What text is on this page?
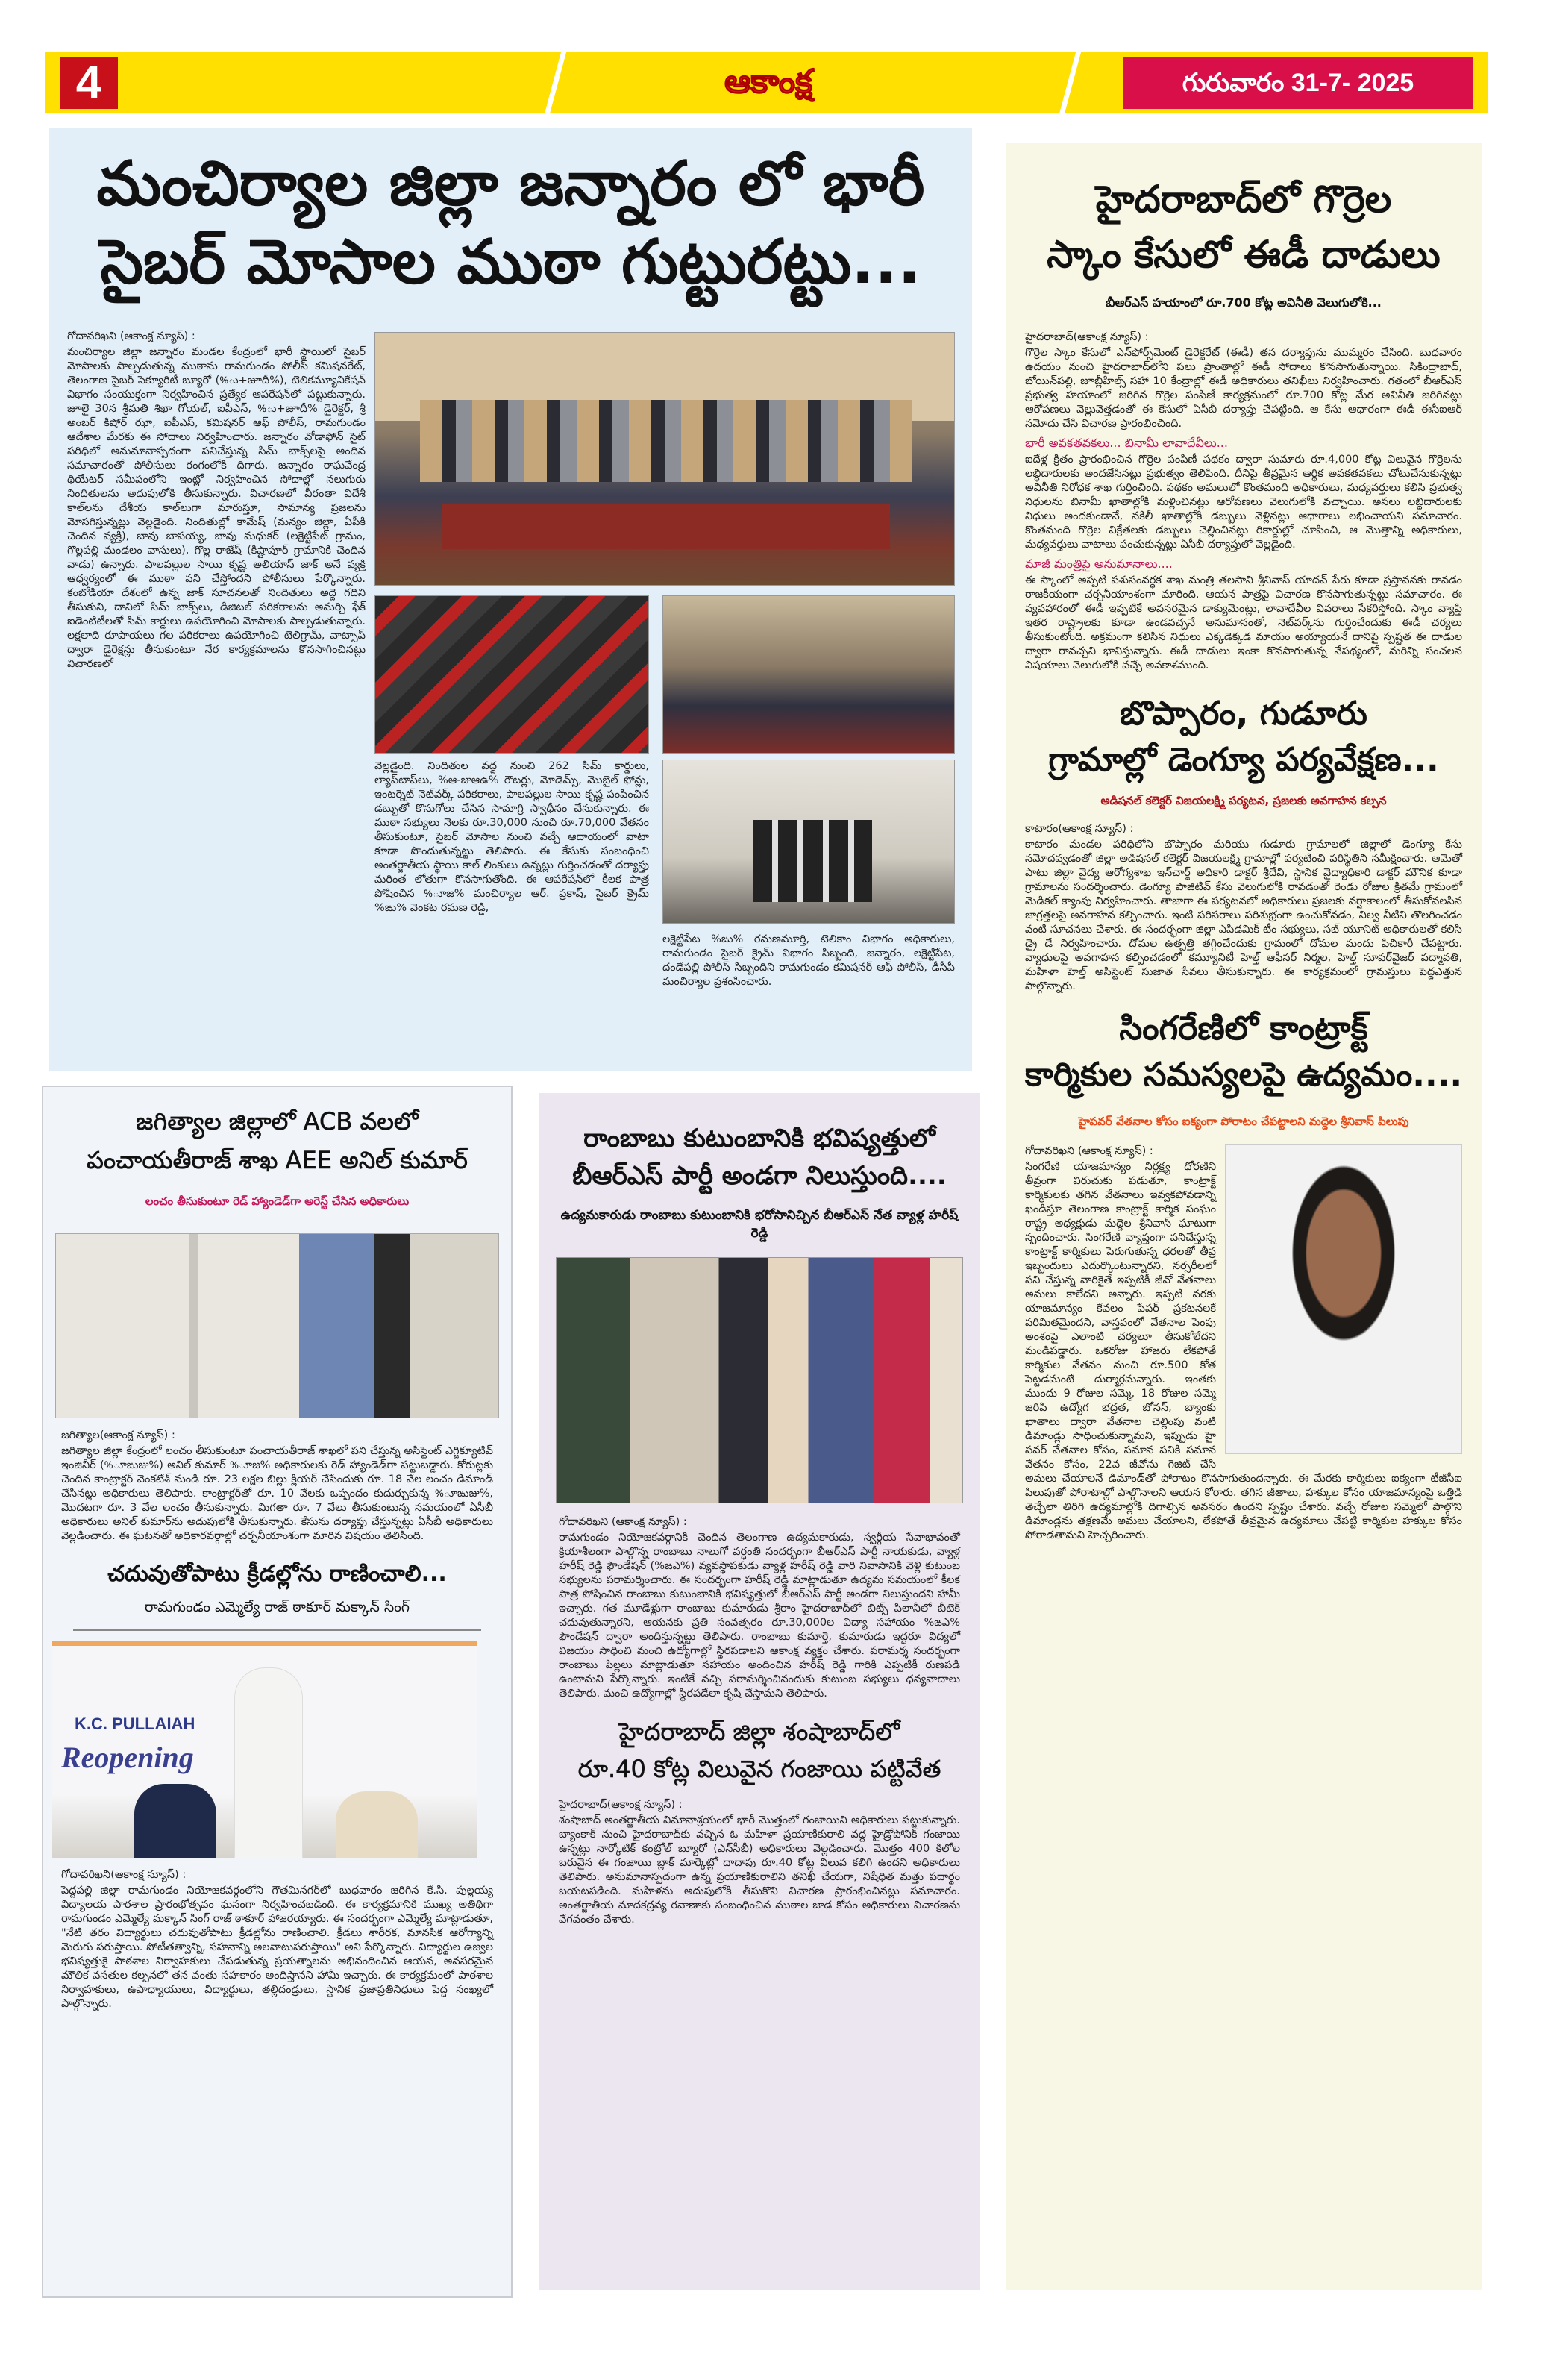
4	ఆకాంక్ష	గురువారం 31-7- 2025
మంచిర్యాల జిల్లా జన్నారం లో భారీ
సైబర్ మోసాల ముఠా గుట్టురట్టు...

గోదావరిఖని (ఆకాంక్ష న్యూస్) :

మంచిర్యాల జిల్లా జన్నారం మండల కేంద్రంలో భారీ స్థాయిలో సైబర్ మోసాలకు పాల్పడుతున్న ముఠాను రామగుండం పోలీస్ కమిషనరేట్, తెలంగాణ సైబర్ సెక్యూరిటీ బ్యూరో (%ు+జూదీ%), టెలికమ్యూనికేషన్ విభాగం సంయుక్తంగా నిర్వహించిన ప్రత్యేక ఆపరేషన్‌లో పట్టుకున్నారు. జూలై 30న శ్రీమతి శిఖా గోయల్, ఐపీఎస్, %ు+జూదీ% డైరెక్టర్, శ్రీ అంబర్ కిషోర్ ఝా, ఐపీఎస్, కమిషనర్ ఆఫ్ పోలీస్, రామగుండం ఆదేశాల మేరకు ఈ సోదాలు నిర్వహించారు. జన్నారం వోడాఫోన్ సైట్ పరిధిలో అనుమానాస్పదంగా పనిచేస్తున్న సిమ్ బాక్స్‌లపై అందిన సమాచారంతో పోలీసులు రంగంలోకి దిగారు. జన్నారం రాఘవేంద్ర థియేటర్ సమీపంలోని ఇంట్లో నిర్వహించిన సోదాల్లో నలుగురు నిందితులను అదుపులోకి తీసుకున్నారు. విచారణలో వీరంతా విదేశీ కాల్‌లను దేశీయ కాల్‌లుగా మారుస్తూ, సామాన్య ప్రజలను మోసగిస్తున్నట్లు వెల్లడైంది. నిందితుల్లో కామేష్ (మన్యం జిల్లా, ఏపీకి చెందిన వ్యక్తి), బావు బాపయ్య, బావు మధుకర్ (లక్షెట్టిపేట్ గ్రామం, గొల్లపల్లి మండలం వాసులు), గొల్ల రాజేష్ (కిష్టాపూర్ గ్రామానికి చెందిన వాడు) ఉన్నారు. పాలపల్లుల సాయి కృష్ణ అలియాస్ జాక్ అనే వ్యక్తి ఆధ్వర్యంలో ఈ ముఠా పని చేస్తోందని పోలీసులు పేర్కొన్నారు. కంబోడియా దేశంలో ఉన్న జాక్ సూచనలతో నిందితులు అద్దె గదిని తీసుకుని, దానిలో సిమ్ బాక్స్‌లు, డిజిటల్ పరికరాలను అమర్చి ఫేక్ ఐడెంటిటీలతో సిమ్ కార్డులు ఉపయోగించి మోసాలకు పాల్పడుతున్నారు. లక్షలాది రూపాయలు గల పరికరాలు ఉపయోగించి టెలిగ్రామ్, వాట్సాప్ ద్వారా డైరెక్షన్లు తీసుకుంటూ నేర కార్యక్రమాలను కొనసాగించినట్లు విచారణలో

వెల్లడైంది. నిందితుల వద్ద నుంచి 262 సిమ్ కార్డులు, ల్యాప్‌టాప్‌లు, %ఆ-జుఆఉ% రౌటర్లు, మోడెమ్స్, మొబైల్ ఫోన్లు, ఇంటర్నెట్ నెట్‌వర్క్ పరికరాలు, పాలపల్లుల సాయి కృష్ణ పంపించిన డబ్బుతో కొనుగోలు చేసిన సామాగ్రి స్వాధీనం చేసుకున్నారు. ఈ ముఠా సభ్యులు నెలకు రూ.30,000 నుంచి రూ.70,000 వేతనం తీసుకుంటూ, సైబర్ మోసాల నుంచి వచ్చే ఆదాయంలో వాటా కూడా పొందుతున్నట్టు తెలిపారు. ఈ కేసుకు సంబంధించి అంతర్జాతీయ స్థాయి కాల్ లింకులు ఉన్నట్లు గుర్తించడంతో దర్యాప్తు మరింత లోతుగా కొనసాగుతోంది. ఈ ఆపరేషన్‌లో కీలక పాత్ర పోషించిన %ూజ% మంచిర్యాల ఆర్. ప్రకాష్, సైబర్ క్రైమ్ %ఙు% వెంకట రమణ రెడ్డి,

లక్షెట్టిపేట %ఙు% రమణమూర్తి, టెలికాం విభాగం అధికారులు, రామగుండం సైబర్ క్రైమ్ విభాగం సిబ్బంది, జన్నారం, లక్షెట్టిపేట, దండేపల్లి పోలీస్ సిబ్బందిని రామగుండం కమిషనర్ ఆఫ్ పోలీస్, డీసీపీ మంచిర్యాల ప్రశంసించారు.

హైదరాబాద్‌లో గొర్రెల
స్కాం కేసులో ఈడీ దాడులు
బీఆర్ఎస్ హయాంలో రూ.700 కోట్ల అవినీతి వెలుగులోకి...

హైదరాబాద్(ఆకాంక్ష న్యూస్) :

గొర్రెల స్కాం కేసులో ఎన్‌ఫోర్స్‌మెంట్ డైరెక్టరేట్ (ఈడీ) తన దర్యాప్తును ముమ్మరం చేసింది. బుధవారం ఉదయం నుంచి హైదరాబాద్‌లోని పలు ప్రాంతాల్లో ఈడీ సోదాలు కొనసాగుతున్నాయి. సికింద్రాబాద్, బోయిన్‌పల్లి, జూబ్లీహిల్స్ సహా 10 కేంద్రాల్లో ఈడీ అధికారులు తనిఖీలు నిర్వహించారు. గతంలో బీఆర్ఎస్ ప్రభుత్వ హయాంలో జరిగిన గొర్రెల పంపిణీ కార్యక్రమంలో రూ.700 కోట్ల మేర అవినీతి జరిగినట్లు ఆరోపణలు వెల్లువెత్తడంతో ఈ కేసులో ఏసీబీ దర్యాప్తు చేపట్టింది. ఆ కేసు ఆధారంగా ఈడీ ఈసీఐఆర్ నమోదు చేసి విచారణ ప్రారంభించింది.

భారీ అవకతవకలు... బినామీ లావాదేవీలు...

ఐదేళ్ల క్రితం ప్రారంభించిన గొర్రెల పంపిణీ పథకం ద్వారా సుమారు రూ.4,000 కోట్ల విలువైన గొర్రెలను లబ్ధిదారులకు అందజేసినట్లు ప్రభుత్వం తెలిపింది. దీనిపై తీవ్రమైన ఆర్థిక అవకతవకలు చోటుచేసుకున్నట్లు అవినీతి నిరోధక శాఖ గుర్తించింది. పథకం అమలులో కొంతమంది అధికారులు, మధ్యవర్తులు కలిసి ప్రభుత్వ నిధులను బినామీ ఖాతాల్లోకి మళ్లించినట్లు ఆరోపణలు వెలుగులోకి వచ్చాయి. అసలు లబ్ధిదారులకు నిధులు అందకుండానే, నకిలీ ఖాతాల్లోకి డబ్బులు వెళ్లినట్లు ఆధారాలు లభించాయని సమాచారం. కొంతమంది గొర్రెల విక్రేతలకు డబ్బులు చెల్లించినట్లు రికార్డుల్లో చూపించి, ఆ మొత్తాన్ని అధికారులు, మధ్యవర్తులు వాటాలు పంచుకున్నట్లు ఏసీబీ దర్యాప్తులో వెల్లడైంది.

మాజీ మంత్రిపై అనుమానాలు....

ఈ స్కాంలో అప్పటి పశుసంవర్ధక శాఖ మంత్రి తలసాని శ్రీనివాస్ యాదవ్ పేరు కూడా ప్రస్తావనకు రావడం రాజకీయంగా చర్చనీయాంశంగా మారింది. ఆయన పాత్రపై విచారణ కొనసాగుతున్నట్టు సమాచారం. ఈ వ్యవహారంలో ఈడీ ఇప్పటికే అవసరమైన డాక్యుమెంట్లు, లావాదేవీల వివరాలు సేకరిస్తోంది. స్కాం వ్యాప్తి ఇతర రాష్ట్రాలకు కూడా ఉండవచ్చనే అనుమానంతో, నెట్‌వర్క్‌ను గుర్తించేందుకు ఈడీ చర్యలు తీసుకుంటోంది. అక్రమంగా కలిసిన నిధులు ఎక్కడెక్కడ మాయం అయ్యాయనే దానిపై స్పష్టత ఈ దాడుల ద్వారా రావచ్చని భావిస్తున్నారు. ఈడీ దాడులు ఇంకా కొనసాగుతున్న నేపథ్యంలో, మరిన్ని సంచలన విషయాలు వెలుగులోకి వచ్చే అవకాశముంది.

బొప్పారం, గుడూరు
గ్రామాల్లో డెంగ్యూ పర్యవేక్షణ...
అడిషనల్ కలెక్టర్ విజయలక్ష్మి పర్యటన, ప్రజలకు అవగాహన కల్పన

కాటారం(ఆకాంక్ష న్యూస్) :

కాటారం మండల పరిధిలోని బొప్పారం మరియు గుడూరు గ్రామాలలో జిల్లాలో డెంగ్యూ కేసు నమోదవ్వడంతో జిల్లా అడిషనల్ కలెక్టర్ విజయలక్ష్మి గ్రామాల్లో పర్యటించి పరిస్థితిని సమీక్షించారు. ఆమెతో పాటు జిల్లా వైద్య ఆరోగ్యశాఖ ఇన్‌చార్జ్ అధికారి డాక్టర్ శ్రీదేవి, స్థానిక వైద్యాధికారి డాక్టర్ మౌనిక కూడా గ్రామాలను సందర్శించారు. డెంగ్యూ పాజిటివ్ కేసు వెలుగులోకి రావడంతో రెండు రోజుల క్రితమే గ్రామంలో మెడికల్ క్యాంపు నిర్వహించారు. తాజాగా ఈ పర్యటనలో అధికారులు ప్రజలకు వర్షాకాలంలో తీసుకోవలసిన జాగ్రత్తలపై అవగాహన కల్పించారు. ఇంటి పరిసరాలు పరిశుభ్రంగా ఉంచుకోవడం, నిల్వ నీటిని తొలగించడం వంటి సూచనలు చేశారు. ఈ సందర్భంగా జిల్లా ఎపిడమిక్ టీం సభ్యులు, సబ్ యూనిట్ అధికారులతో కలిసి డ్రై డే నిర్వహించారు. దోమల ఉత్పత్తి తగ్గించేందుకు గ్రామంలో దోమల మందు పిచికారీ చేపట్టారు. వ్యాధులపై అవగాహన కల్పించడంలో కమ్యూనిటీ హెల్త్ ఆఫీసర్ నిర్మల, హెల్త్ సూపర్‌వైజర్ పద్మావతి, మహిళా హెల్త్ అసిస్టెంట్ సుజాత సేవలు తీసుకున్నారు. ఈ కార్యక్రమంలో గ్రామస్తులు పెద్దఎత్తున పాల్గొన్నారు.

సింగరేణిలో కాంట్రాక్ట్
కార్మికుల సమస్యలపై ఉద్యమం....
హైపవర్ వేతనాల కోసం ఐక్యంగా పోరాటం చేపట్టాలని మద్దెల శ్రీనివాస్ పిలుపు

గోదావరిఖని (ఆకాంక్ష న్యూస్) :

సింగరేణి యాజమాన్యం నిర్లక్ష్య ధోరణిని తీవ్రంగా విరుచుకు పడుతూ, కాంట్రాక్ట్ కార్మికులకు తగిన వేతనాలు ఇవ్వకపోవడాన్ని ఖండిస్తూ తెలంగాణ కాంట్రాక్ట్ కార్మిక సంఘం రాష్ట్ర అధ్యక్షుడు మద్దెల శ్రీనివాస్ ఘాటుగా స్పందించారు. సింగరేణి వ్యాప్తంగా పనిచేస్తున్న కాంట్రాక్ట్ కార్మికులు పెరుగుతున్న ధరలతో తీవ్ర ఇబ్బందులు ఎదుర్కొంటున్నారని, నర్సరీలలో పని చేస్తున్న వారికైతే ఇప్పటికీ జీవో వేతనాలు అమలు కాలేదని అన్నారు. ఇప్పటి వరకు యాజమాన్యం కేవలం పేపర్ ప్రకటనలకే పరిమితమైందని, వాస్తవంలో వేతనాల పెంపు అంశంపై ఎలాంటి చర్యలూ తీసుకోలేదని మండిపడ్డారు. ఒకరోజు హాజరు లేకపోతే కార్మికుల వేతనం నుంచి రూ.500 కోత పెట్టడమంటే దుర్మార్గమన్నారు. ఇంతకు ముందు 9 రోజుల సమ్మె, 18 రోజుల సమ్మె జరిపి ఉద్యోగ భద్రత, బోనస్, బ్యాంకు ఖాతాలు ద్వారా వేతనాల చెల్లింపు వంటి డిమాండ్లు సాధించుకున్నామని, ఇప్పుడు హై పవర్ వేతనాల కోసం, సమాన పనికి సమాన వేతనం కోసం, 22వ జీవోను గెజిట్ చేసి అమలు చేయాలనే డిమాండ్‌తో పోరాటం కొనసాగుతుందన్నారు. ఈ మేరకు కార్మికులు ఐక్యంగా టీజీసీఐ పిలుపుతో పోరాటాల్లో పాల్గొనాలని ఆయన కోరారు. తగిన జీతాలు, హక్కుల కోసం యాజమాన్యంపై ఒత్తిడి తెచ్చేలా తిరిగి ఉద్యమాల్లోకి దిగాల్సిన అవసరం ఉందని స్పష్టం చేశారు. వచ్చే రోజుల సమ్మెలో పాల్గొని డిమాండ్లను తక్షణమే అమలు చేయాలని, లేకపోతే తీవ్రమైన ఉద్యమాలు చేపట్టి కార్మికుల హక్కుల కోసం పోరాడతామని హెచ్చరించారు.

జగిత్యాల జిల్లాలో ACB వలలో
పంచాయతీరాజ్ శాఖ AEE అనిల్ కుమార్
లంచం తీసుకుంటూ రెడ్ హ్యాండెడ్‌గా అరెస్ట్ చేసిన అధికారులు

జగిత్యాల(ఆకాంక్ష న్యూస్) :

జగిత్యాల జిల్లా కేంద్రంలో లంచం తీసుకుంటూ పంచాయతీరాజ్ శాఖలో పని చేస్తున్న అసిస్టెంట్ ఎగ్జిక్యూటివ్ ఇంజినీర్ (%ూఙుజు%) అనిల్ కుమార్ %ూజ% అధికారులకు రెడ్ హ్యాండెడ్‌గా పట్టుబడ్డారు. కోరుట్లకు చెందిన కాంట్రాక్టర్ వెంకటేశ్ నుండి రూ. 23 లక్షల బిల్లు క్లియర్ చేసేందుకు రూ. 18 వేల లంచం డిమాండ్ చేసినట్లు అధికారులు తెలిపారు. కాంట్రాక్టర్‌తో రూ. 10 వేలకు ఒప్పందం కుదుర్చుకున్న %ూఙుజు%, మొదటగా రూ. 3 వేల లంచం తీసుకున్నారు. మిగతా రూ. 7 వేలు తీసుకుంటున్న సమయంలో ఏసీబీ అధికారులు అనిల్ కుమార్‌ను అదుపులోకి తీసుకున్నారు. కేసును దర్యాప్తు చేస్తున్నట్లు ఏసీబీ అధికారులు వెల్లడించారు. ఈ ఘటనతో అధికారవర్గాల్లో చర్చనీయాంశంగా మారిన విషయం తెలిసింది.

చదువుతోపాటు క్రీడల్లోను రాణించాలి...
రామగుండం ఎమ్మెల్యే రాజ్ ఠాకూర్ మక్కాన్ సింగ్
K.C. PULLAIAH
Reopening

గోదావరిఖని(ఆకాంక్ష న్యూస్) :

పెద్దపల్లి జిల్లా రామగుండం నియోజకవర్గంలోని గౌతమినగర్‌లో బుధవారం జరిగిన కే.సి. పుల్లయ్య విద్యాలయ పాఠశాల ప్రారంభోత్సవం ఘనంగా నిర్వహించబడింది. ఈ కార్యక్రమానికి ముఖ్య అతిథిగా రామగుండం ఎమ్మెల్యే మక్కాన్ సింగ్ రాజ్ ఠాకూర్ హాజరయ్యారు. ఈ సందర్భంగా ఎమ్మెల్యే మాట్లాడుతూ, "నేటి తరం విద్యార్థులు చదువుతోపాటు క్రీడల్లోను రాణించాలి. క్రీడలు శారీరక, మానసిక ఆరోగ్యాన్ని మెరుగు పరుస్తాయి. పోటీతత్వాన్ని, సహనాన్ని అలవాటుపరుస్తాయి" అని పేర్కొన్నారు. విద్యార్థుల ఉజ్వల భవిష్యత్తుకై పాఠశాల నిర్వాహకులు చేపడుతున్న ప్రయత్నాలను అభినందించిన ఆయన, అవసరమైన మౌలిక వసతుల కల్పనలో తన వంతు సహకారం అందిస్తానని హామీ ఇచ్చారు. ఈ కార్యక్రమంలో పాఠశాల నిర్వాహకులు, ఉపాధ్యాయులు, విద్యార్థులు, తల్లిదండ్రులు, స్థానిక ప్రజాప్రతినిధులు పెద్ద సంఖ్యలో పాల్గొన్నారు.

రాంబాబు కుటుంబానికి భవిష్యత్తులో
బీఆర్ఎస్ పార్టీ అండగా నిలుస్తుంది....
ఉద్యమకారుడు రాంబాబు కుటుంబానికి భరోసానిచ్చిన బీఆర్ఎస్ నేత వ్యాళ్ల హరీష్ రెడ్డి

గోదావరిఖని (ఆకాంక్ష న్యూస్) :

రామగుండం నియోజకవర్గానికి చెందిన తెలంగాణ ఉద్యమకారుడు, స్వర్గీయ సేవాభావంతో క్రియాశీలంగా పాల్గొన్న రాంబాబు నాలుగో వర్ధంతి సందర్భంగా బీఆర్ఎస్ పార్టీ నాయకుడు, వ్యాళ్ల హరీష్ రెడ్డి ఫౌండేషన్ (%ఙఎ%) వ్యవస్థాపకుడు వ్యాళ్ల హరీష్ రెడ్డి వారి నివాసానికి వెళ్లి కుటుంబ సభ్యులను పరామర్శించారు. ఈ సందర్భంగా హరీష్ రెడ్డి మాట్లాడుతూ ఉద్యమ సమయంలో కీలక పాత్ర పోషించిన రాంబాబు కుటుంబానికి భవిష్యత్తులో బీఆర్ఎస్ పార్టీ అండగా నిలుస్తుందని హామీ ఇచ్చారు. గత మూడేళ్లుగా రాంబాబు కుమారుడు శ్రీరాం హైదరాబాద్‌లో బిట్స్ పిలానీలో బీటెక్ చదువుతున్నారని, ఆయనకు ప్రతి సంవత్సరం రూ.30,000ల విద్యా సహాయం %ఙఎ% ఫౌండేషన్ ద్వారా అందిస్తున్నట్టు తెలిపారు. రాంబాబు కుమార్తె, కుమారుడు ఇద్దరూ విద్యలో విజయం సాధించి మంచి ఉద్యోగాల్లో స్థిరపడాలని ఆకాంక్ష వ్యక్తం చేశారు. పరామర్శ సందర్భంగా రాంబాబు పిల్లలు మాట్లాడుతూ సహాయం అందించిన హరీష్ రెడ్డి గారికి ఎప్పటికీ రుణపడి ఉంటామని పేర్కొన్నారు. ఇంటికే వచ్చి పరామర్శించినందుకు కుటుంబ సభ్యులు ధన్యవాదాలు తెలిపారు. మంచి ఉద్యోగాల్లో స్థిరపడేలా కృషి చేస్తామని తెలిపారు.

హైదరాబాద్ జిల్లా శంషాబాద్‌లో
రూ.40 కోట్ల విలువైన గంజాయి పట్టివేత

హైదరాబాద్(ఆకాంక్ష న్యూస్) :

శంషాబాద్ అంతర్జాతీయ విమానాశ్రయంలో భారీ మొత్తంలో గంజాయిని అధికారులు పట్టుకున్నారు. బ్యాంకాక్ నుంచి హైదరాబాద్‌కు వచ్చిన ఓ మహిళా ప్రయాణికురాలి వద్ద హైడ్రోపోనిక్ గంజాయి ఉన్నట్లు నార్కోటిక్ కంట్రోల్ బ్యూరో (ఎన్‌సీబీ) అధికారులు వెల్లడించారు. మొత్తం 400 కిలోల బరువైన ఈ గంజాయి బ్లాక్ మార్కెట్లో దాదాపు రూ.40 కోట్ల విలువ కలిగి ఉందని అధికారులు తెలిపారు. అనుమానాస్పదంగా ఉన్న ప్రయాణికురాలిని తనిఖీ చేయగా, నిషేధిత మత్తు పదార్థం బయటపడింది. మహిళను అదుపులోకి తీసుకొని విచారణ ప్రారంభించినట్లు సమాచారం. అంతర్జాతీయ మాదకద్రవ్య రవాణాకు సంబంధించిన ముఠాల జాడ కోసం అధికారులు విచారణను వేగవంతం చేశారు.
